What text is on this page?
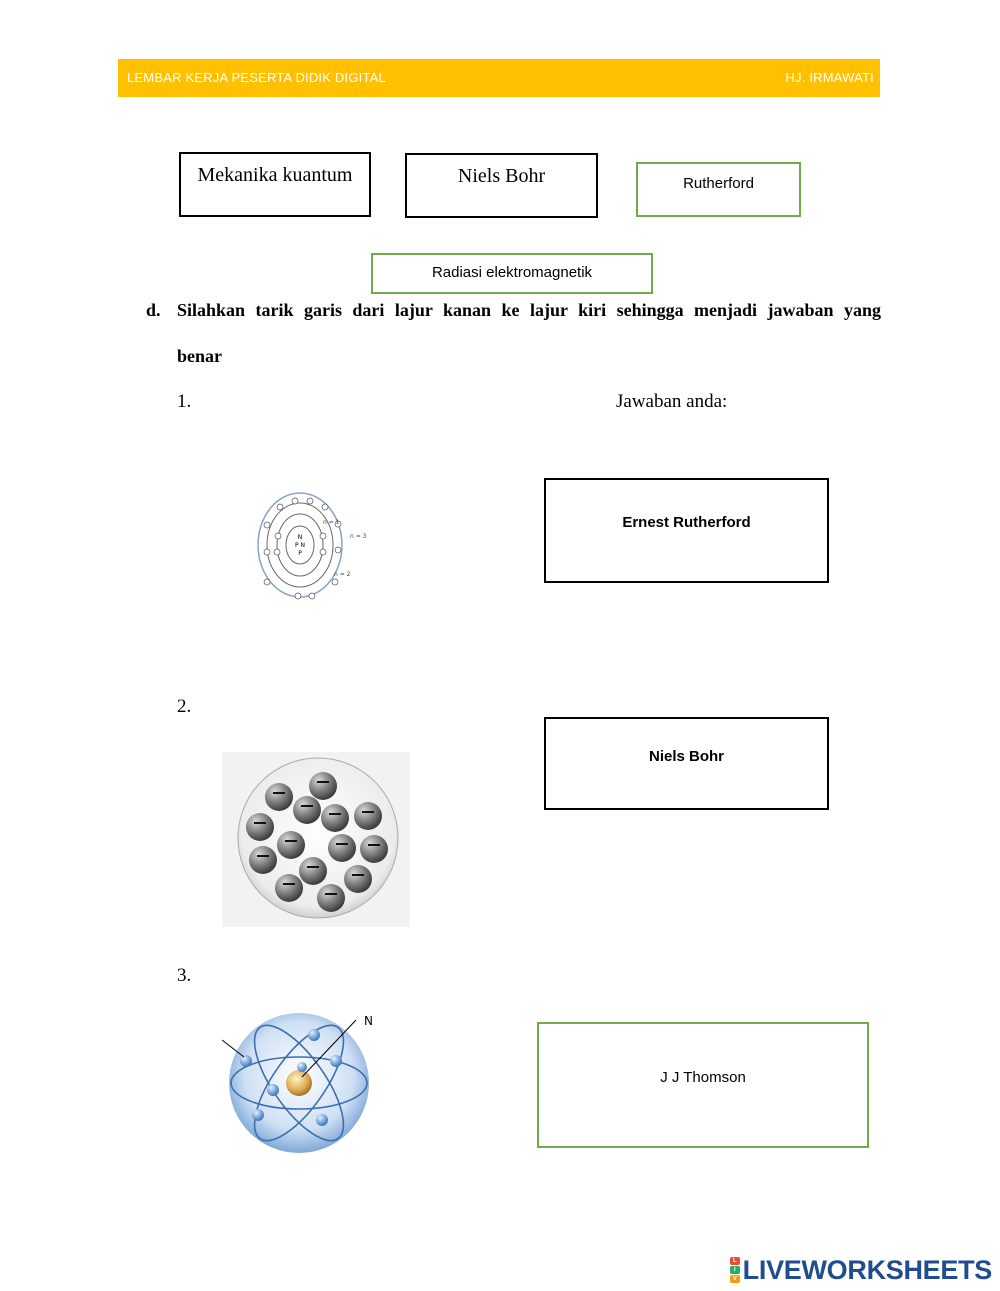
LEMBAR KERJA PESERTA DIDIK DIGITAL	HJ. IRMAWATI
Mekanika kuantum	Niels Bohr	Rutherford
Radiasi elektromagnetik
d. Silahkan tarik garis dari lajur kanan ke lajur kiri sehingga menjadi jawaban yang
benar
1.	Jawaban anda:
N
P N
P
n = 1
n = 3
n = 2
Ernest Rutherford
2.
Niels Bohr
3.
N
J J Thomson
L
I
V LIVEWORKSHEETS
